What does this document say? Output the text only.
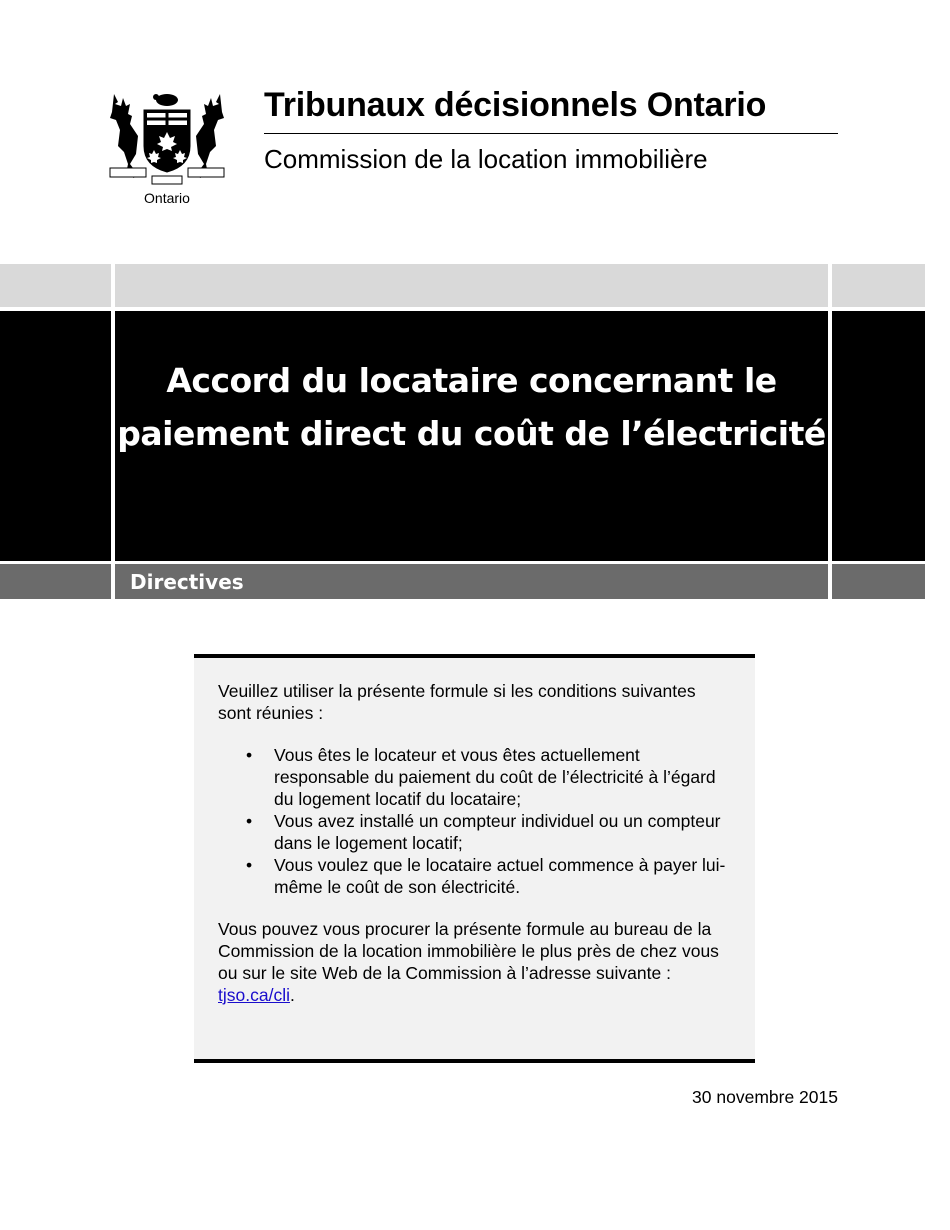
Ontario
Tribunaux décisionnels Ontario
Commission de la location immobilière
Accord du locataire concernant le paiement direct du coût de l’électricité
Directives

Veuillez utiliser la présente formule si les conditions suivantes sont réunies :

• Vous êtes le locateur et vous êtes actuellement responsable du paiement du coût de l’électricité à l’égard du logement locatif du locataire;
• Vous avez installé un compteur individuel ou un compteur dans le logement locatif;
• Vous voulez que le locataire actuel commence à payer lui-même le coût de son électricité.

Vous pouvez vous procurer la présente formule au bureau de la Commission de la location immobilière le plus près de chez vous ou sur le site Web de la Commission à l’adresse suivante : tjso.ca/cli.

30 novembre 2015
